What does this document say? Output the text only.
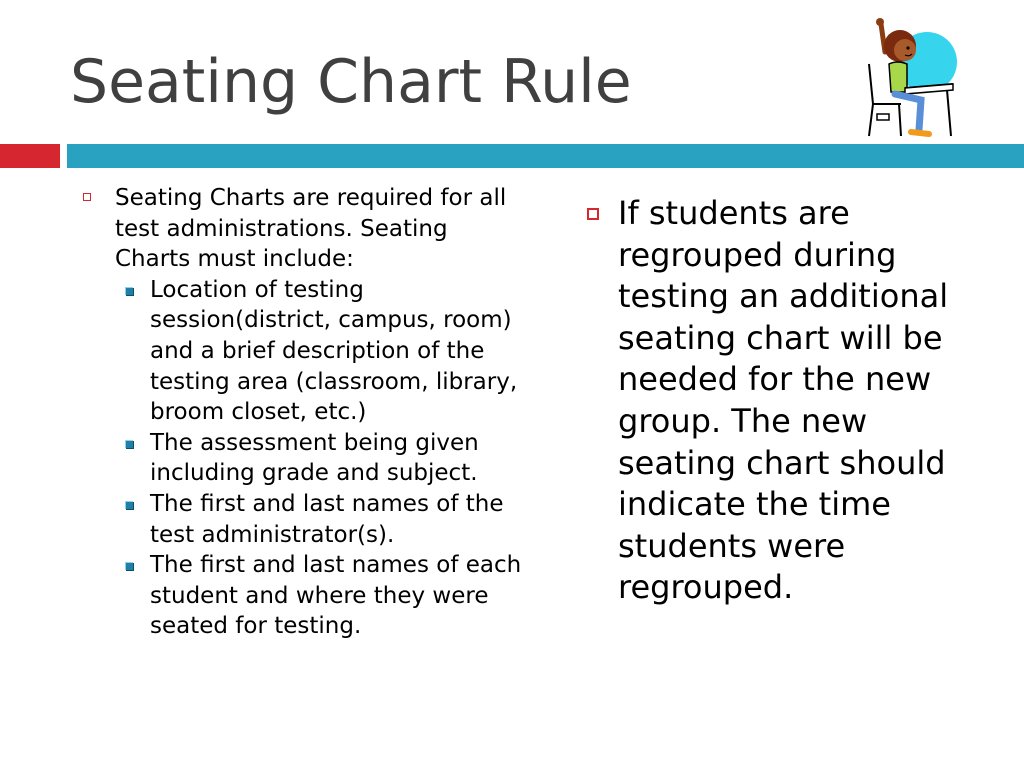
Seating Chart Rule
Seating Charts are required for all test administrations. Seating Charts must include:
Location of testing session(district, campus, room) and a brief description of the testing area (classroom, library, broom closet, etc.)
The assessment being given including grade and subject.
The first and last names of the test administrator(s).
The first and last names of each student and where they were seated for testing.
If students are regrouped during testing an additional seating chart will be needed for the new group. The new seating chart should indicate the time students were regrouped.
